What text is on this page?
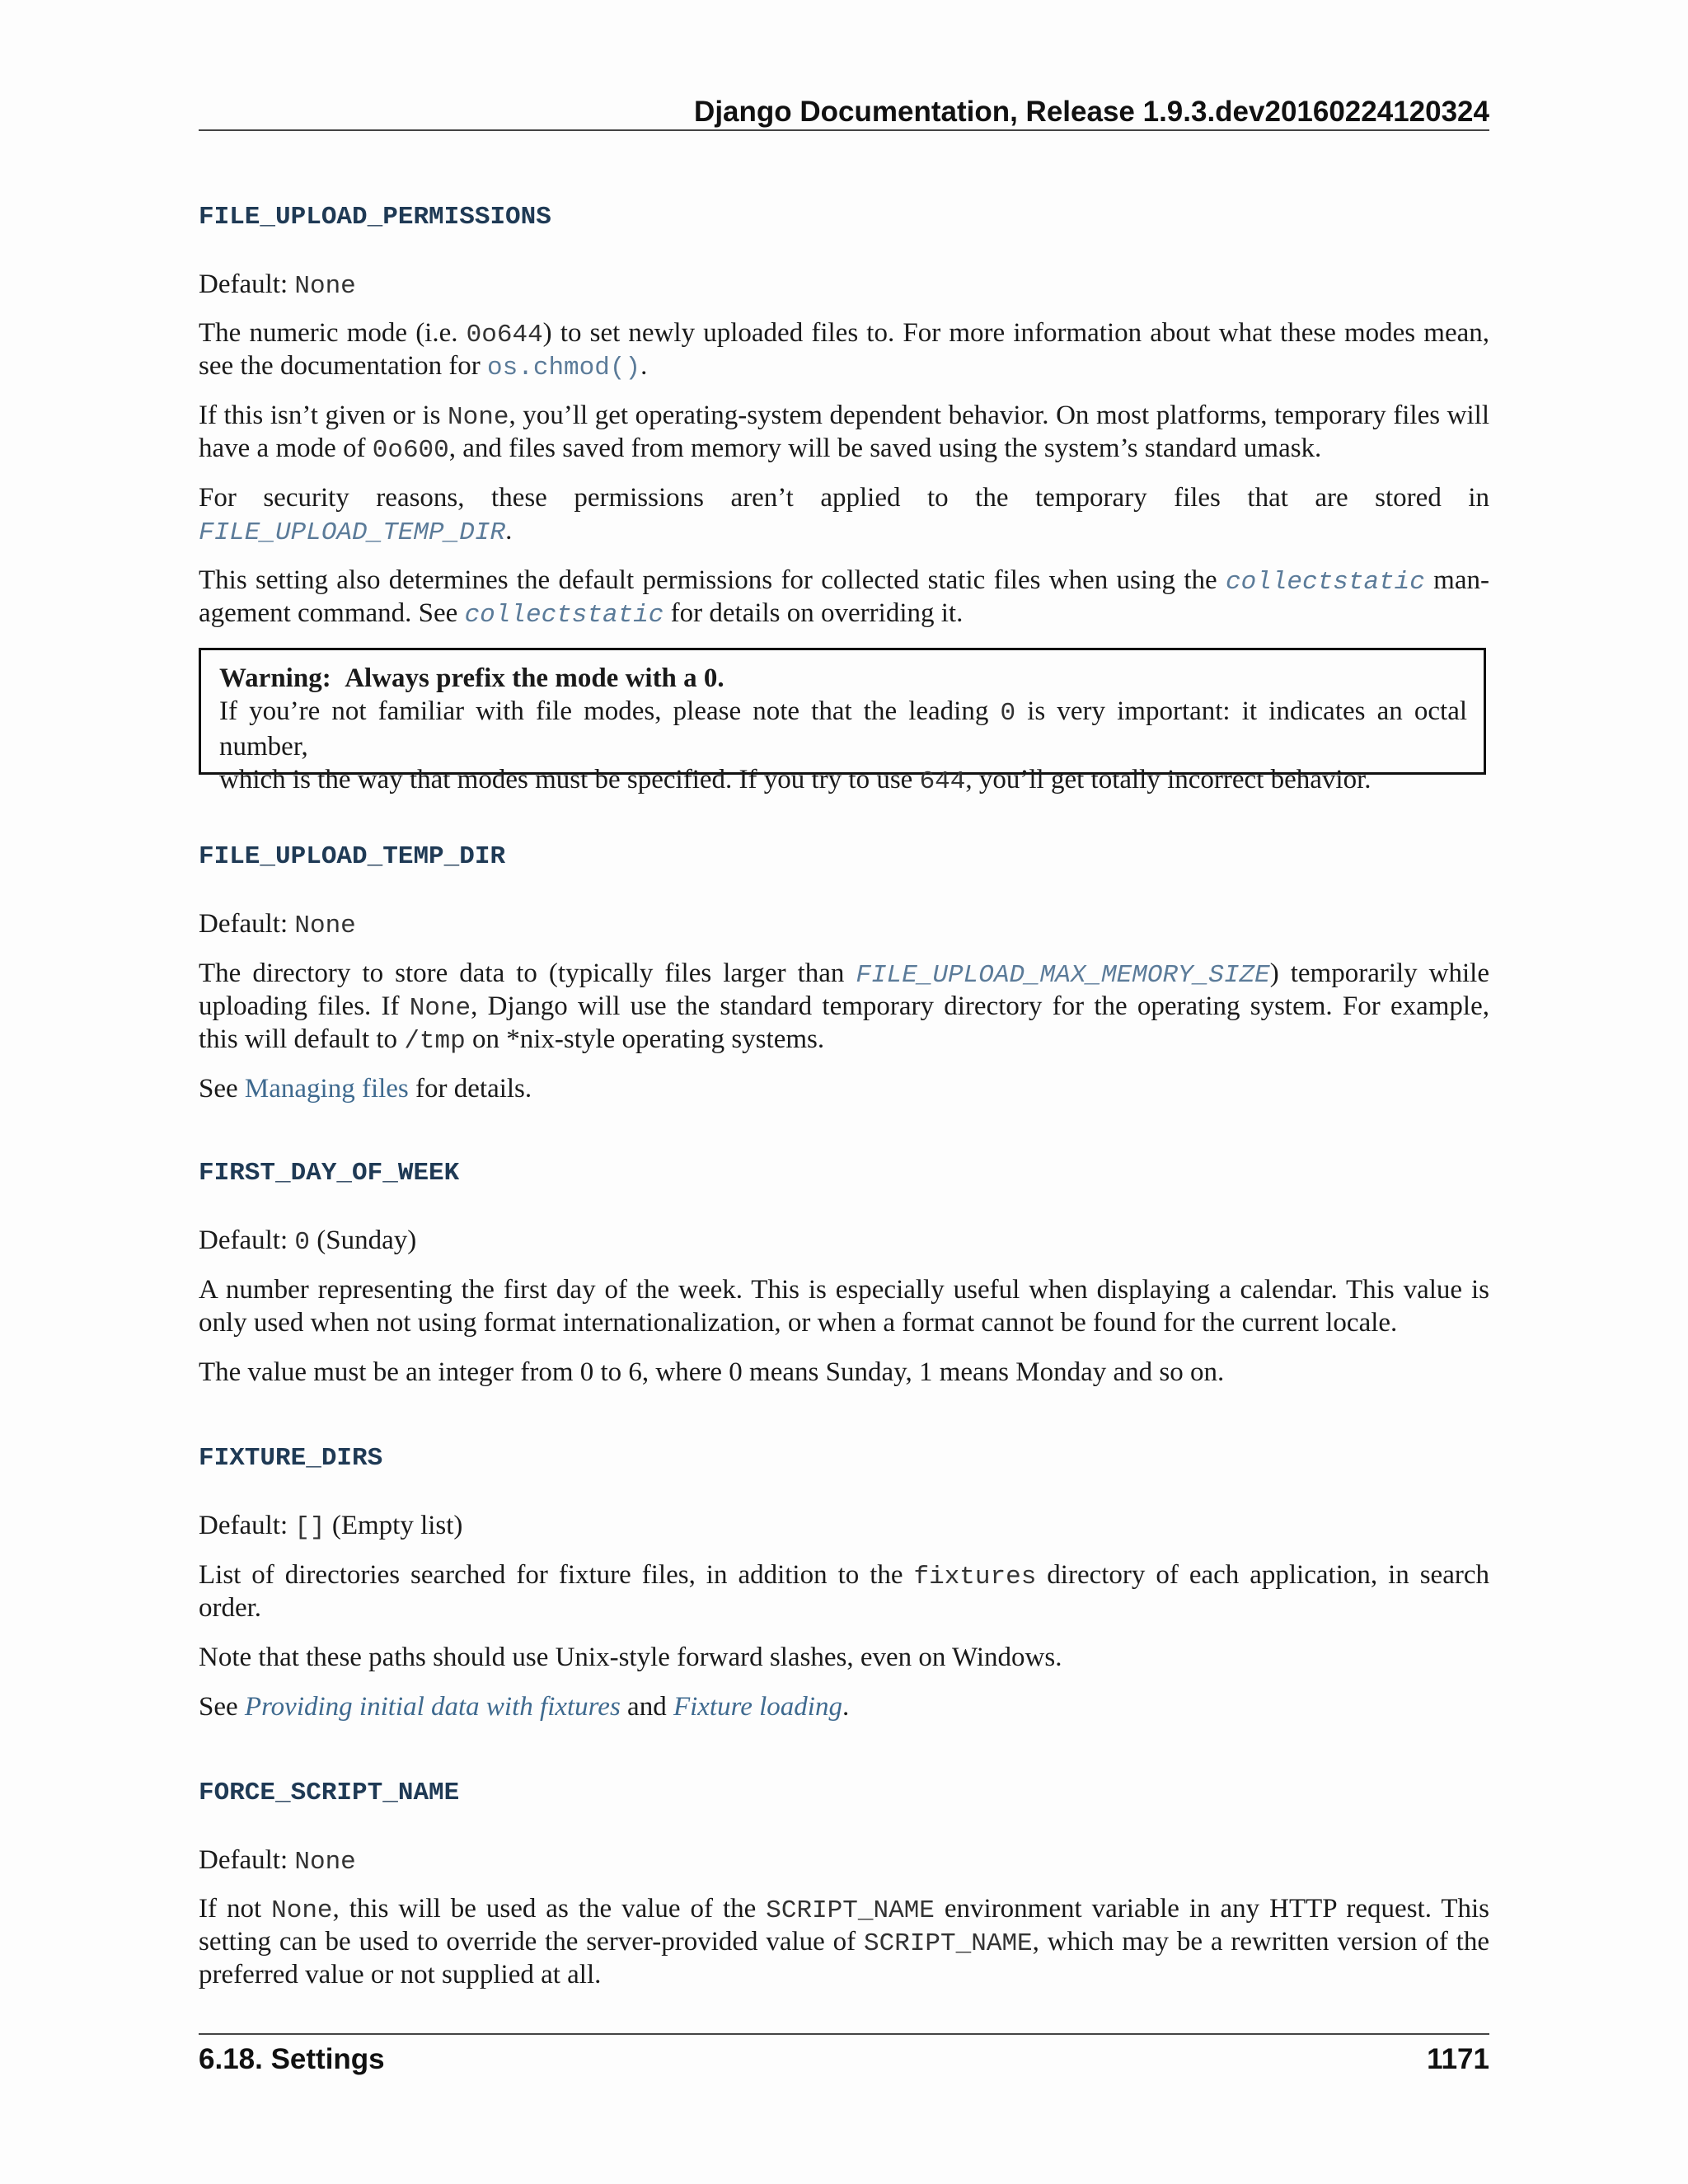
Django Documentation, Release 1.9.3.dev20160224120324
FILE_UPLOAD_PERMISSIONS

Default: None

The numeric mode (i.e. 0o644) to set newly uploaded files to. For more information about what these modes mean,

see the documentation for os.chmod().

If this isn’t given or is None, you’ll get operating-system dependent behavior. On most platforms, temporary files will

have a mode of 0o600, and files saved from memory will be saved using the system’s standard umask.

For security reasons, these permissions aren’t applied to the temporary files that are stored in

FILE_UPLOAD_TEMP_DIR.

This setting also determines the default permissions for collected static files when using the collectstatic man-

agement command. See collectstatic for details on overriding it.

Warning: Always prefix the mode with a 0.

If you’re not familiar with file modes, please note that the leading 0 is very important: it indicates an octal number,
which is the way that modes must be specified. If you try to use 644, you’ll get totally incorrect behavior.

FILE_UPLOAD_TEMP_DIR

Default: None

The directory to store data to (typically files larger than FILE_UPLOAD_MAX_MEMORY_SIZE) temporarily while

uploading files. If None, Django will use the standard temporary directory for the operating system. For example,

this will default to /tmp on *nix-style operating systems.

See Managing files for details.

FIRST_DAY_OF_WEEK

Default: 0 (Sunday)

A number representing the first day of the week. This is especially useful when displaying a calendar. This value is

only used when not using format internationalization, or when a format cannot be found for the current locale.

The value must be an integer from 0 to 6, where 0 means Sunday, 1 means Monday and so on.

FIXTURE_DIRS

Default: [] (Empty list)

List of directories searched for fixture files, in addition to the fixtures directory of each application, in search

order.

Note that these paths should use Unix-style forward slashes, even on Windows.

See Providing initial data with fixtures and Fixture loading.

FORCE_SCRIPT_NAME

Default: None

If not None, this will be used as the value of the SCRIPT_NAME environment variable in any HTTP request. This

setting can be used to override the server-provided value of SCRIPT_NAME, which may be a rewritten version of the

preferred value or not supplied at all.

6.18. Settings	1171
